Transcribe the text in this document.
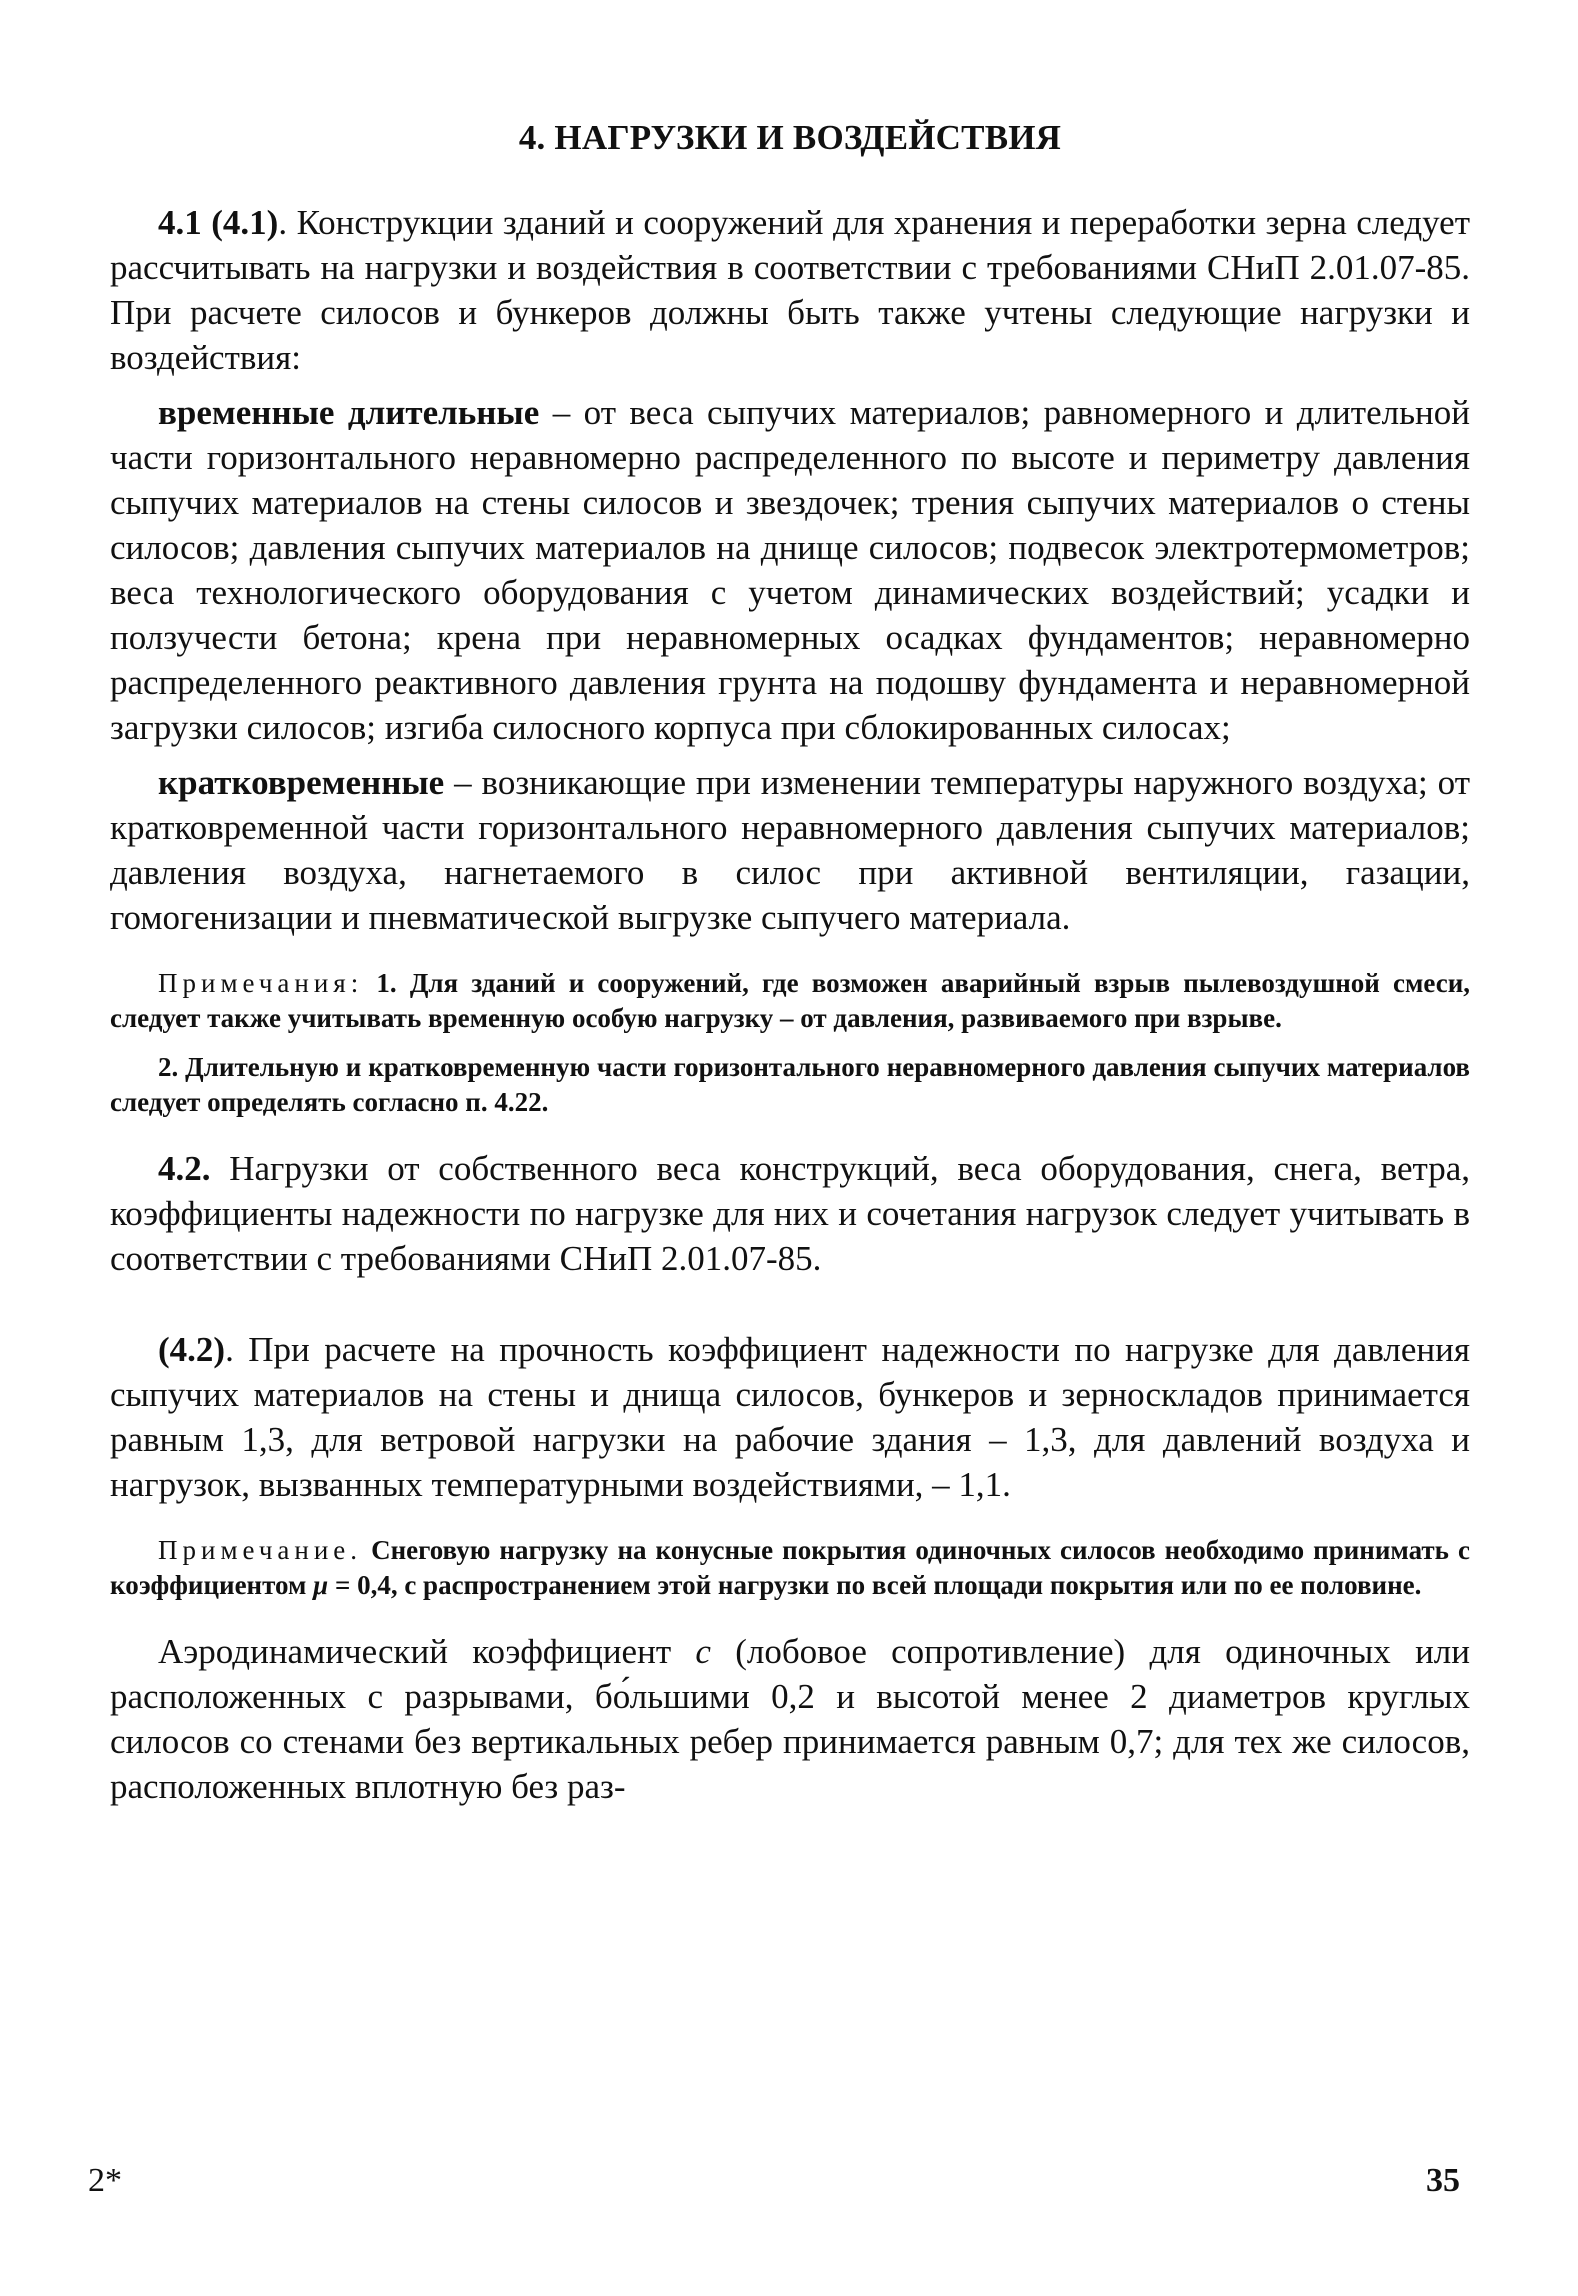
4. НАГРУЗКИ И ВОЗДЕЙСТВИЯ

4.1 (4.1). Конструкции зданий и сооружений для хранения и переработки зерна следует рассчитывать на нагрузки и воздействия в соответствии с требованиями СНиП 2.01.07-85. При расчете силосов и бункеров должны быть также учтены следующие нагрузки и воздействия:

временные длительные – от веса сыпучих материалов; равномерного и длительной части горизонтального неравномерно распределенного по высоте и периметру давления сыпучих материалов на стены силосов и звездочек; трения сыпучих материалов о стены силосов; давления сыпучих материалов на днище силосов; подвесок электротермометров; веса технологического оборудования с учетом динамических воздействий; усадки и ползучести бетона; крена при неравномерных осадках фундаментов; неравномерно распределенного реактивного давления грунта на подошву фундамента и неравномерной загрузки силосов; изгиба силосного корпуса при сблокированных силосах;

кратковременные – возникающие при изменении температуры наружного воздуха; от кратковременной части горизонтального неравномерного давления сыпучих материалов; давления воздуха, нагнетаемого в силос при активной вентиляции, газации, гомогенизации и пневматической выгрузке сыпучего материала.

Примечания: 1. Для зданий и сооружений, где возможен аварийный взрыв пылевоздушной смеси, следует также учитывать временную особую нагрузку – от давления, развиваемого при взрыве.

2. Длительную и кратковременную части горизонтального неравномерного давления сыпучих материалов следует определять согласно п. 4.22.

4.2. Нагрузки от собственного веса конструкций, веса оборудования, снега, ветра, коэффициенты надежности по нагрузке для них и сочетания нагрузок следует учитывать в соответствии с требованиями СНиП 2.01.07-85.

(4.2). При расчете на прочность коэффициент надежности по нагрузке для давления сыпучих материалов на стены и днища силосов, бункеров и зерноскладов принимается равным 1,3, для ветровой нагрузки на рабочие здания – 1,3, для давлений воздуха и нагрузок, вызванных температурными воздействиями, – 1,1.

Примечание. Снеговую нагрузку на конусные покрытия одиночных силосов необходимо принимать с коэффициентом μ = 0,4, с распространением этой нагрузки по всей площади покрытия или по ее половине.

Аэродинамический коэффициент c (лобовое сопротивление) для одиночных или расположенных с разрывами, бо́льшими 0,2 и высотой менее 2 диаметров круглых силосов со стенами без вертикальных ребер принимается равным 0,7; для тех же силосов, расположенных вплотную без раз-

2*	35
